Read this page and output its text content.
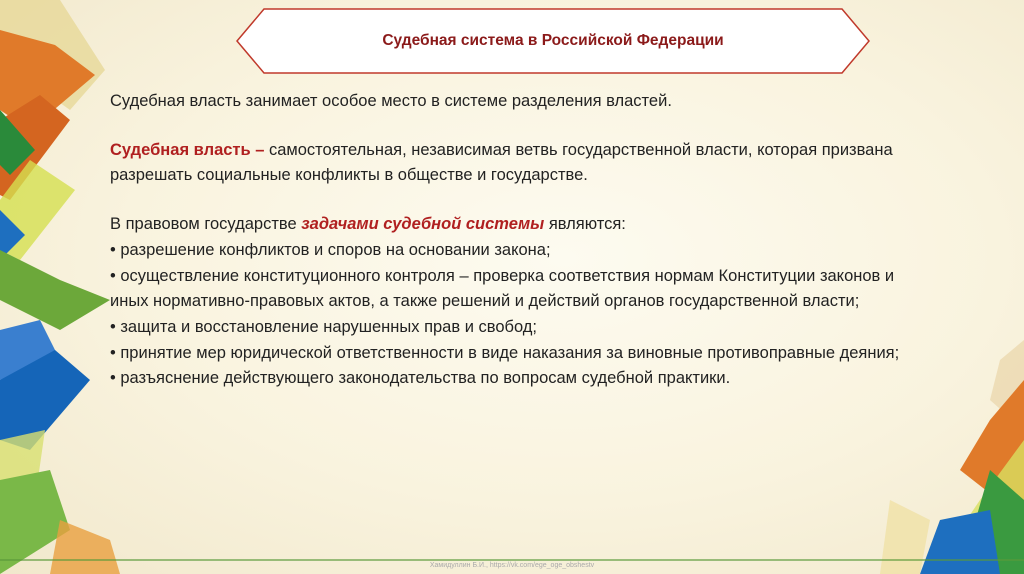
Судебная система в Российской Федерации

Судебная власть занимает особое место в системе разделения властей.

Судебная власть – самостоятельная, независимая ветвь государственной власти, которая призвана разрешать социальные конфликты в обществе и государстве.

В правовом государстве задачами судебной системы являются:

• разрешение конфликтов и споров на основании закона;

• осуществление конституционного контроля – проверка соответствия нормам Конституции законов и иных нормативно-правовых актов, а также решений и действий органов государственной власти;

• защита и восстановление нарушенных прав и свобод;

• принятие мер юридической ответственности в виде наказания за виновные противоправные деяния;

• разъяснение действующего законодательства по вопросам судебной практики.

Хамидуллин Б.И., https://vk.com/ege_oge_obshestv
